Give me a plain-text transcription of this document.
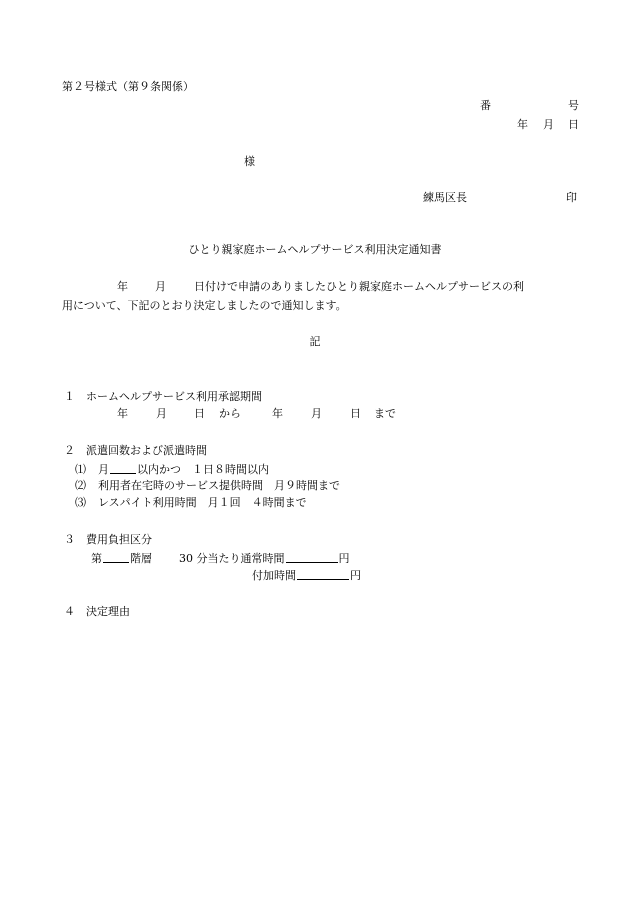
第２号様式（第９条関係）
番	号
年 月 日
様
練馬区長	印
ひとり親家庭ホームヘルプサービス利用決定通知書
年 月	日付けで申請のありましたひとり親家庭ホームヘルプサービスの利
用について、下記のとおり決定しましたので通知します。
記
１　ホームヘルプサービス利用承認期間
年	月 日 から	年	月	日 まで
２　派遣回数および派遣時間
⑴ 月	以内かつ　１日８時間以内
⑵ 利用者在宅時のサービス提供時間　月９時間まで
⑶ レスパイト利用時間　月１回　４時間まで
３　費用負担区分
第	階層 30 分当たり通常時間	円
付加時間	円
４　決定理由
